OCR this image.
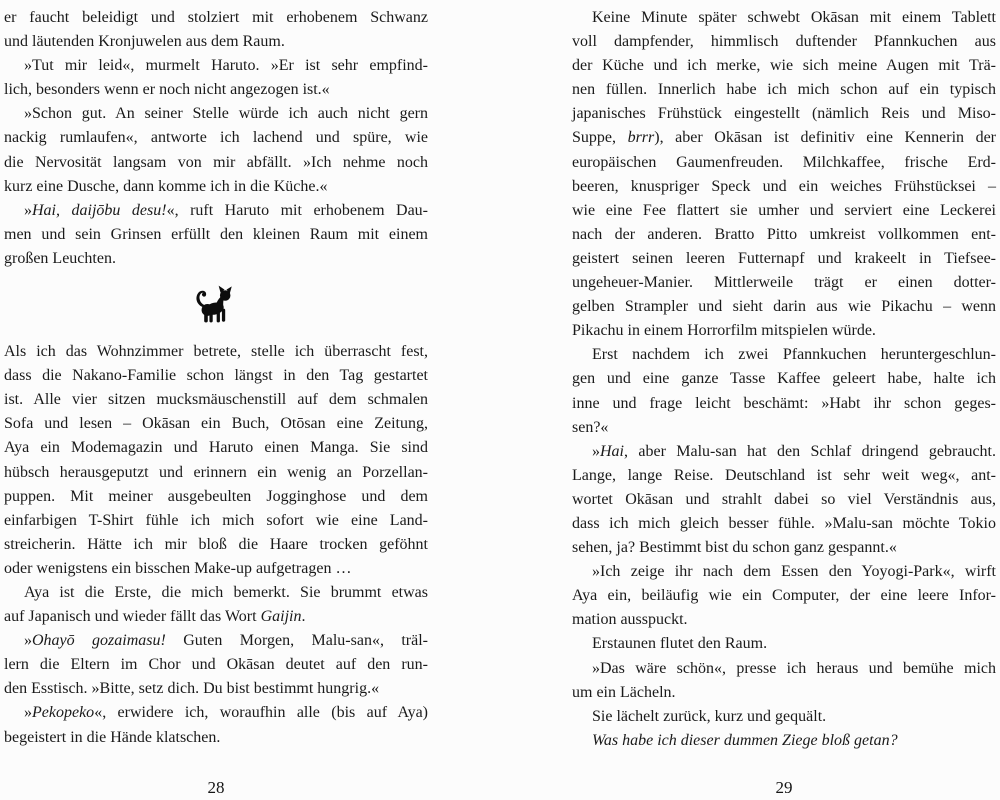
er faucht beleidigt und stolziert mit erhobenem Schwanz
und läutenden Kronjuwelen aus dem Raum.
»Tut mir leid«, murmelt Haruto. »Er ist sehr empfind-
lich, besonders wenn er noch nicht angezogen ist.«
»Schon gut. An seiner Stelle würde ich auch nicht gern
nackig rumlaufen«, antworte ich lachend und spüre, wie
die Nervosität langsam von mir abfällt. »Ich nehme noch
kurz eine Dusche, dann komme ich in die Küche.«
»Hai, daijōbu desu!«, ruft Haruto mit erhobenem Dau-
men und sein Grinsen erfüllt den kleinen Raum mit einem
großen Leuchten.
Als ich das Wohnzimmer betrete, stelle ich überrascht fest,
dass die Nakano-Familie schon längst in den Tag gestartet
ist. Alle vier sitzen mucksmäuschenstill auf dem schmalen
Sofa und lesen – Okāsan ein Buch, Otōsan eine Zeitung,
Aya ein Modemagazin und Haruto einen Manga. Sie sind
hübsch herausgeputzt und erinnern ein wenig an Porzellan-
puppen. Mit meiner ausgebeulten Jogginghose und dem
einfarbigen T-Shirt fühle ich mich sofort wie eine Land-
streicherin. Hätte ich mir bloß die Haare trocken geföhnt
oder wenigstens ein bisschen Make-up aufgetragen …
Aya ist die Erste, die mich bemerkt. Sie brummt etwas
auf Japanisch und wieder fällt das Wort Gaijin.
»Ohayō gozaimasu! Guten Morgen, Malu-san«, träl-
lern die Eltern im Chor und Okāsan deutet auf den run-
den Esstisch. »Bitte, setz dich. Du bist bestimmt hungrig.«
»Pekopeko«, erwidere ich, woraufhin alle (bis auf Aya)
begeistert in die Hände klatschen.
28
Keine Minute später schwebt Okāsan mit einem Tablett
voll dampfender, himmlisch duftender Pfannkuchen aus
der Küche und ich merke, wie sich meine Augen mit Trä-
nen füllen. Innerlich habe ich mich schon auf ein typisch
japanisches Frühstück eingestellt (nämlich Reis und Miso-
Suppe, brrr), aber Okāsan ist definitiv eine Kennerin der
europäischen Gaumenfreuden. Milchkaffee, frische Erd-
beeren, knuspriger Speck und ein weiches Frühstücksei –
wie eine Fee flattert sie umher und serviert eine Leckerei
nach der anderen. Bratto Pitto umkreist vollkommen ent-
geistert seinen leeren Futternapf und krakeelt in Tiefsee-
ungeheuer-Manier. Mittlerweile trägt er einen dotter-
gelben Strampler und sieht darin aus wie Pikachu – wenn
Pikachu in einem Horrorfilm mitspielen würde.
Erst nachdem ich zwei Pfannkuchen heruntergeschlun-
gen und eine ganze Tasse Kaffee geleert habe, halte ich
inne und frage leicht beschämt: »Habt ihr schon geges-
sen?«
»Hai, aber Malu-san hat den Schlaf dringend gebraucht.
Lange, lange Reise. Deutschland ist sehr weit weg«, ant-
wortet Okāsan und strahlt dabei so viel Verständnis aus,
dass ich mich gleich besser fühle. »Malu-san möchte Tokio
sehen, ja? Bestimmt bist du schon ganz gespannt.«
»Ich zeige ihr nach dem Essen den Yoyogi-Park«, wirft
Aya ein, beiläufig wie ein Computer, der eine leere Infor-
mation ausspuckt.
Erstaunen flutet den Raum.
»Das wäre schön«, presse ich heraus und bemühe mich
um ein Lächeln.
Sie lächelt zurück, kurz und gequält.
Was habe ich dieser dummen Ziege bloß getan?
29
